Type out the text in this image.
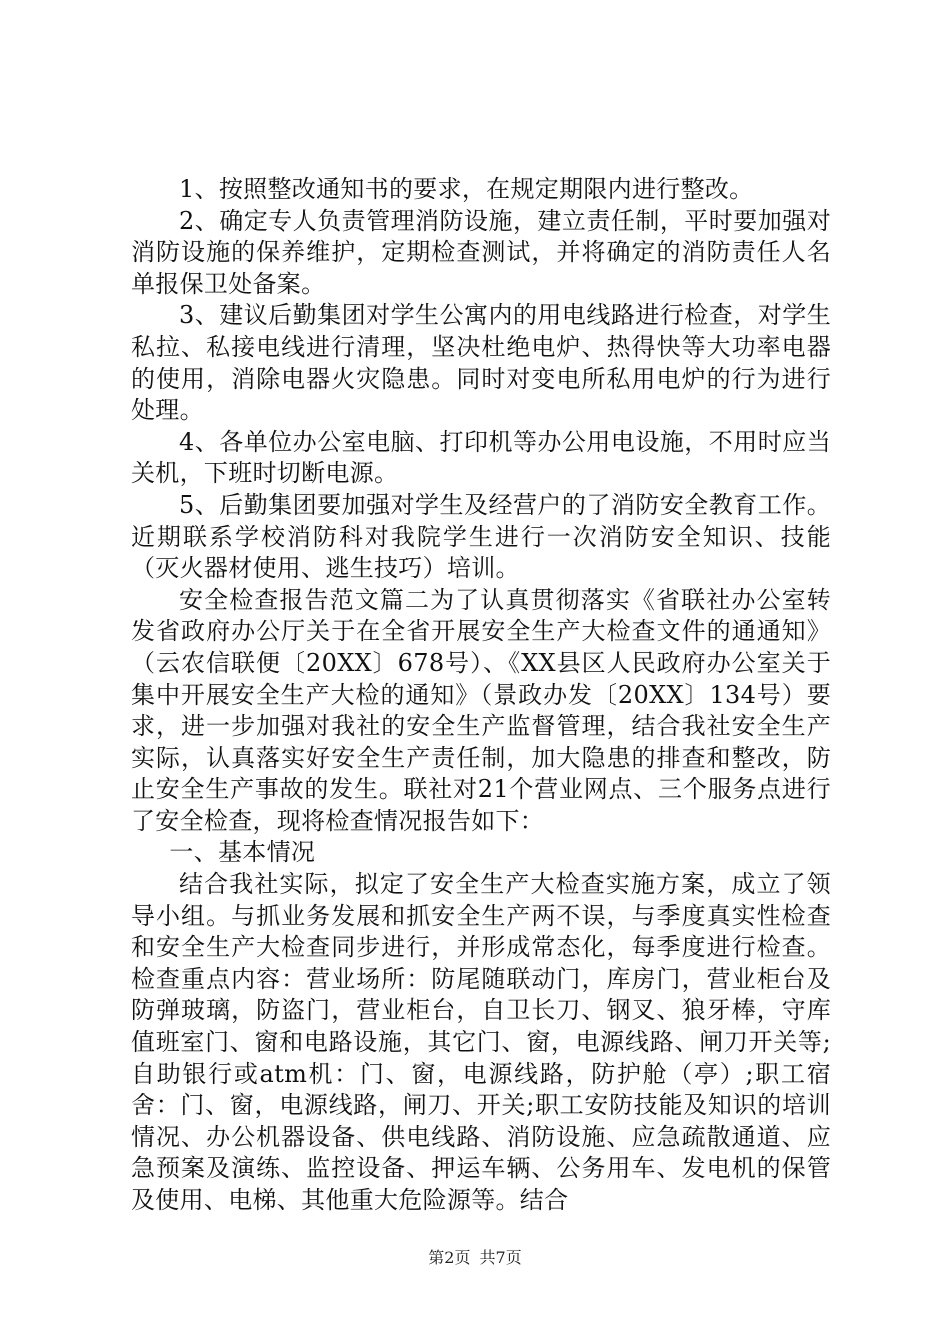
1、按照整改通知书的要求，在规定期限内进行整改。

2、确定专人负责管理消防设施，建立责任制，平时要加强对消防设施的保养维护，定期检查测试，并将确定的消防责任人名单报保卫处备案。

3、建议后勤集团对学生公寓内的用电线路进行检查，对学生私拉、私接电线进行清理，坚决杜绝电炉、热得快等大功率电器的使用，消除电器火灾隐患。同时对变电所私用电炉的行为进行处理。

4、各单位办公室电脑、打印机等办公用电设施，不用时应当关机，下班时切断电源。

5、后勤集团要加强对学生及经营户的了消防安全教育工作。近期联系学校消防科对我院学生进行一次消防安全知识、技能（灭火器材使用、逃生技巧）培训。

安全检查报告范文篇二为了认真贯彻落实《省联社办公室转发省政府办公厅关于在全省开展安全生产大检查文件的通通知》（云农信联便〔20XX〕678号）、《XX县区人民政府办公室关于集中开展安全生产大检的通知》（景政办发〔20XX〕134号）要求，进一步加强对我社的安全生产监督管理，结合我社安全生产实际，认真落实好安全生产责任制，加大隐患的排查和整改，防止安全生产事故的发生。联社对21个营业网点、三个服务点进行了安全检查，现将检查情况报告如下：

一、基本情况

结合我社实际，拟定了安全生产大检查实施方案，成立了领导小组。与抓业务发展和抓安全生产两不误，与季度真实性检查和安全生产大检查同步进行，并形成常态化，每季度进行检查。检查重点内容：营业场所：防尾随联动门，库房门，营业柜台及防弹玻璃，防盗门，营业柜台，自卫长刀、钢叉、狼牙棒，守库值班室门、窗和电路设施，其它门、窗，电源线路、闸刀开关等;自助银行或atm机：门、窗，电源线路，防护舱（亭）;职工宿舍：门、窗，电源线路，闸刀、开关;职工安防技能及知识的培训情况、办公机器设备、供电线路、消防设施、应急疏散通道、应急预案及演练、监控设备、押运车辆、公务用车、发电机的保管及使用、电梯、其他重大危险源等。结合

第2页 共7页
